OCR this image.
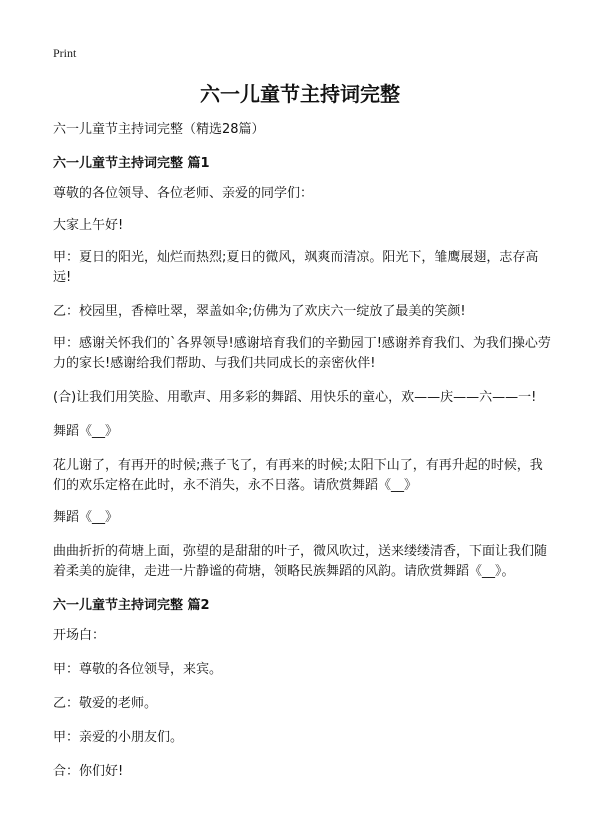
Print
六一儿童节主持词完整

六一儿童节主持词完整（精选28篇）

六一儿童节主持词完整 篇1

尊敬的各位领导、各位老师、亲爱的同学们：

大家上午好!

甲：夏日的阳光，灿烂而热烈;夏日的微风，飒爽而清凉。阳光下，雏鹰展翅，志存高远!

乙：校园里，香樟吐翠，翠盖如伞;仿佛为了欢庆六一绽放了最美的笑颜!

甲：感谢关怀我们的`各界领导!感谢培育我们的辛勤园丁!感谢养育我们、为我们操心劳力的家长!感谢给我们帮助、与我们共同成长的亲密伙伴!

(合)让我们用笑脸、用歌声、用多彩的舞蹈、用快乐的童心，欢——庆——六——一!

舞蹈《__》

花儿谢了，有再开的时候;燕子飞了，有再来的时候;太阳下山了，有再升起的时候，我们的欢乐定格在此时，永不消失，永不日落。请欣赏舞蹈《__》

舞蹈《__》

曲曲折折的荷塘上面，弥望的是甜甜的叶子，微风吹过，送来缕缕清香，下面让我们随着柔美的旋律，走进一片静谧的荷塘，领略民族舞蹈的风韵。请欣赏舞蹈《__》。

六一儿童节主持词完整 篇2

开场白：

甲：尊敬的各位领导，来宾。

乙：敬爱的老师。

甲：亲爱的小朋友们。

合：你们好!
